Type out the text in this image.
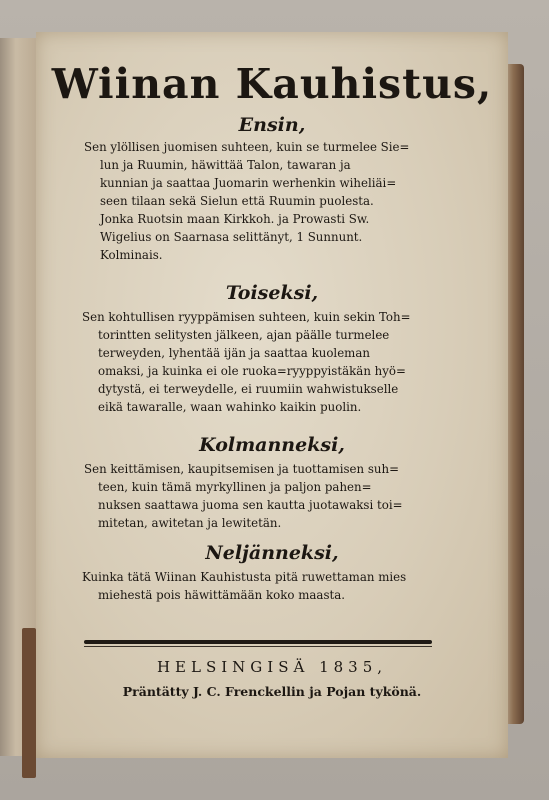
Wiinan Kauhistus,
Ensin,
Sen ylöllisen juomisen suhteen, kuin se turmelee Sie=
lun ja Ruumin, häwittää Talon, tawaran ja
kunnian ja saattaa Juomarin werhenkin wiheliäi=
seen tilaan sekä Sielun että Ruumin puolesta.
Jonka Ruotsin maan Kirkkoh. ja Prowasti Sw.
Wigelius on Saarnasa selittänyt, 1 Sunnunt.
Kolminais.
Toiseksi,
Sen kohtullisen ryyppämisen suhteen, kuin sekin Toh=
torintten selitysten jälkeen, ajan päälle turmelee
terweyden, lyhentää ijän ja saattaa kuoleman
omaksi, ja kuinka ei ole ruoka=ryyppyistäkän hyö=
dytystä, ei terweydelle, ei ruumiin wahwistukselle
eikä tawaralle, waan wahinko kaikin puolin.
Kolmanneksi,
Sen keittämisen, kaupitsemisen ja tuottamisen suh=
teen, kuin tämä myrkyllinen ja paljon pahen=
nuksen saattawa juoma sen kautta juotawaksi toi=
mitetan, awitetan ja lewitetän.
Neljänneksi,
Kuinka tätä Wiinan Kauhistusta pitä ruwettaman mies
miehestä pois häwittämään koko maasta.
HELSINGISÄ 1835,
Präntätty J. C. Frenckellin ja Pojan tykönä.
